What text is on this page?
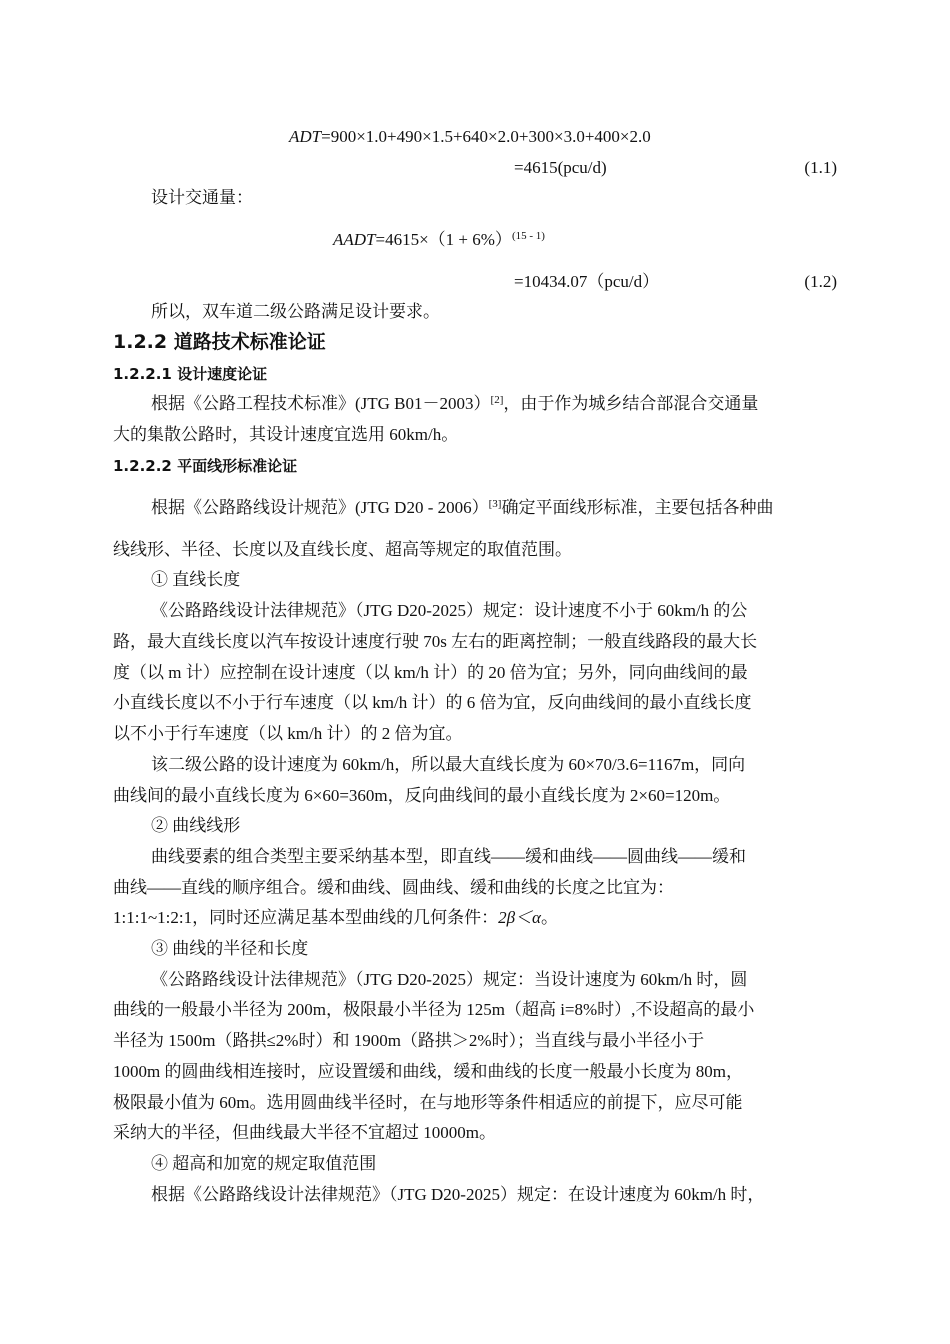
ADT=900×1.0+490×1.5+640×2.0+300×3.0+400×2.0
=4615(pcu/d)	(1.1)
设计交通量：
AADT=4615×（1 + 6%）$^{(15 - 1)}$
=10434.07（pcu/d）	(1.2)
所以，双车道二级公路满足设计要求。
1.2.2 道路技术标准论证
1.2.2.1 设计速度论证
根据《公路工程技术标准》(JTG B01－2003）[2]，由于作为城乡结合部混合交通量
大的集散公路时，其设计速度宜选用 60km/h。
1.2.2.2 平面线形标准论证
根据《公路路线设计规范》(JTG D20 - 2006）[3]确定平面线形标准，主要包括各种曲
线线形、半径、长度以及直线长度、超高等规定的取值范围。
① 直线长度
《公路路线设计法律规范》（JTG D20-2025）规定：设计速度不小于 60km/h 的公
路，最大直线长度以汽车按设计速度行驶 70s 左右的距离控制；一般直线路段的最大长
度（以 m 计）应控制在设计速度（以 km/h 计）的 20 倍为宜；另外，同向曲线间的最
小直线长度以不小于行车速度（以 km/h 计）的 6 倍为宜，反向曲线间的最小直线长度
以不小于行车速度（以 km/h 计）的 2 倍为宜。
该二级公路的设计速度为 60km/h，所以最大直线长度为 60×70/3.6=1167m，同向
曲线间的最小直线长度为 6×60=360m，反向曲线间的最小直线长度为 2×60=120m。
② 曲线线形
曲线要素的组合类型主要采纳基本型，即直线——缓和曲线——圆曲线——缓和
曲线——直线的顺序组合。缓和曲线、圆曲线、缓和曲线的长度之比宜为：
1:1:1~1:2:1，同时还应满足基本型曲线的几何条件：2β＜α。
③ 曲线的半径和长度
《公路路线设计法律规范》（JTG D20-2025）规定：当设计速度为 60km/h 时，圆
曲线的一般最小半径为 200m，极限最小半径为 125m（超高 i=8%时）,不设超高的最小
半径为 1500m（路拱≤2%时）和 1900m（路拱＞2%时）；当直线与最小半径小于
1000m 的圆曲线相连接时，应设置缓和曲线，缓和曲线的长度一般最小长度为 80m，
极限最小值为 60m。选用圆曲线半径时，在与地形等条件相适应的前提下，应尽可能
采纳大的半径，但曲线最大半径不宜超过 10000m。
④ 超高和加宽的规定取值范围
根据《公路路线设计法律规范》（JTG D20-2025）规定：在设计速度为 60km/h 时，
